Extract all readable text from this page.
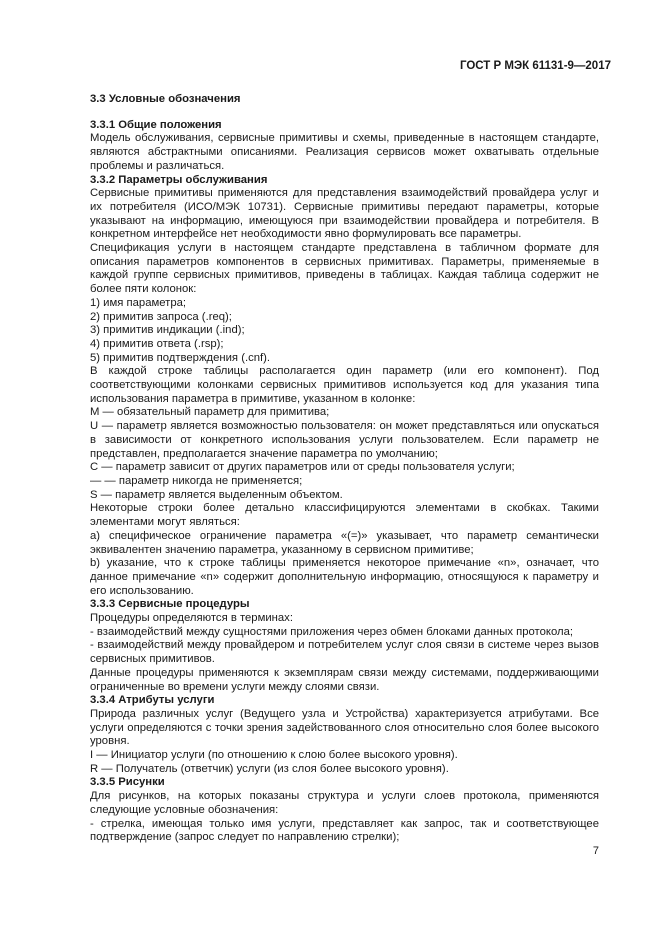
ГОСТ Р МЭК 61131-9—2017

3.3 Условные обозначения

3.3.1 Общие положения

Модель обслуживания, сервисные примитивы и схемы, приведенные в настоящем стандарте, являются абстрактными описаниями. Реализация сервисов может охватывать отдельные проблемы и различаться.

3.3.2 Параметры обслуживания

Сервисные примитивы применяются для представления взаимодействий провайдера услуг и их потребителя (ИСО/МЭК 10731). Сервисные примитивы передают параметры, которые указывают на информацию, имеющуюся при взаимодействии провайдера и потребителя. В конкретном интерфейсе нет необходимости явно формулировать все параметры.

Спецификация услуги в настоящем стандарте представлена в табличном формате для описания параметров компонентов в сервисных примитивах. Параметры, применяемые в каждой группе сервисных примитивов, приведены в таблицах. Каждая таблица содержит не более пяти колонок:

1) имя параметра;

2) примитив запроса (.req);

3) примитив индикации (.ind);

4) примитив ответа (.rsp);

5) примитив подтверждения (.cnf).

В каждой строке таблицы располагается один параметр (или его компонент). Под соответствующими колонками сервисных примитивов используется код для указания типа использования параметра в примитиве, указанном в колонке:

M — обязательный параметр для примитива;

U — параметр является возможностью пользователя: он может представляться или опускаться в зависимости от конкретного использования услуги пользователем. Если параметр не представлен, предполагается значение параметра по умолчанию;

C — параметр зависит от других параметров или от среды пользователя услуги;

— — параметр никогда не применяется;

S — параметр является выделенным объектом.

Некоторые строки более детально классифицируются элементами в скобках. Такими элементами могут являться:

a) специфическое ограничение параметра «(=)» указывает, что параметр семантически эквивалентен значению параметра, указанному в сервисном примитиве;

b) указание, что к строке таблицы применяется некоторое примечание «n», означает, что данное примечание «n» содержит дополнительную информацию, относящуюся к параметру и его использованию.

3.3.3 Сервисные процедуры

Процедуры определяются в терминах:

- взаимодействий между сущностями приложения через обмен блоками данных протокола;

- взаимодействий между провайдером и потребителем услуг слоя связи в системе через вызов сервисных примитивов.

Данные процедуры применяются к экземплярам связи между системами, поддерживающими ограниченные во времени услуги между слоями связи.

3.3.4 Атрибуты услуги

Природа различных услуг (Ведущего узла и Устройства) характеризуется атрибутами. Все услуги определяются с точки зрения задействованного слоя относительно слоя более высокого уровня.

I — Инициатор услуги (по отношению к слою более высокого уровня).

R — Получатель (ответчик) услуги (из слоя более высокого уровня).

3.3.5 Рисунки

Для рисунков, на которых показаны структура и услуги слоев протокола, применяются следующие условные обозначения:

- стрелка, имеющая только имя услуги, представляет как запрос, так и соответствующее подтверждение (запрос следует по направлению стрелки);

7
